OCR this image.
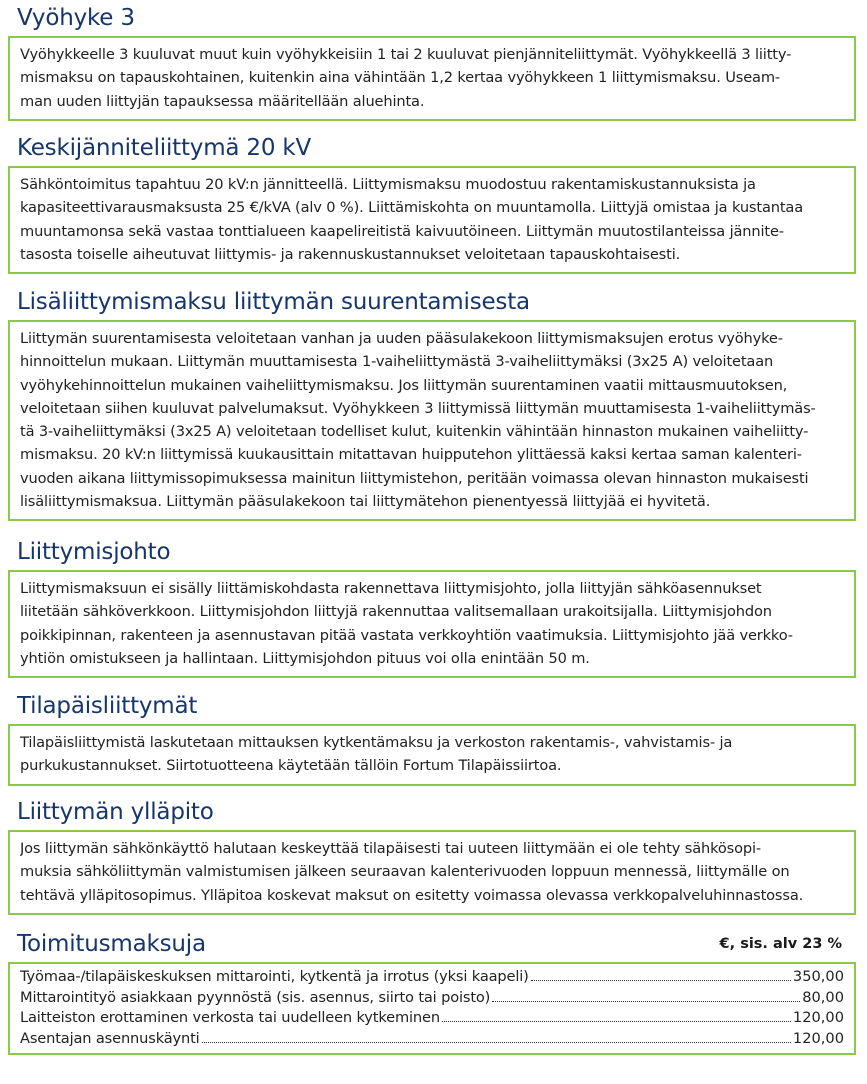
Vyöhyke 3
Vyöhykkeelle 3 kuuluvat muut kuin vyöhykkeisiin 1 tai 2 kuuluvat pienjänniteliittymät. Vyöhykkeellä 3 liitty-
mismaksu on tapauskohtainen, kuitenkin aina vähintään 1,2 kertaa vyöhykkeen 1 liittymismaksu. Useam-
man uuden liittyjän tapauksessa määritellään aluehinta.
Keskijänniteliittymä 20 kV
Sähköntoimitus tapahtuu 20 kV:n jännitteellä. Liittymismaksu muodostuu rakentamiskustannuksista ja
kapasiteettivarausmaksusta 25 €/kVA (alv 0 %). Liittämiskohta on muuntamolla. Liittyjä omistaa ja kustantaa
muuntamonsa sekä vastaa tonttialueen kaapelireitistä kaivuutöineen. Liittymän muutostilanteissa jännite-
tasosta toiselle aiheutuvat liittymis- ja rakennuskustannukset veloitetaan tapauskohtaisesti.
Lisäliittymismaksu liittymän suurentamisesta
Liittymän suurentamisesta veloitetaan vanhan ja uuden pääsulakekoon liittymismaksujen erotus vyöhyke-
hinnoittelun mukaan. Liittymän muuttamisesta 1-vaiheliittymästä 3-vaiheliittymäksi (3x25 A) veloitetaan
vyöhykehinnoittelun mukainen vaiheliittymismaksu. Jos liittymän suurentaminen vaatii mittausmuutoksen,
veloitetaan siihen kuuluvat palvelumaksut. Vyöhykkeen 3 liittymissä liittymän muuttamisesta 1-vaiheliittymäs-
tä 3-vaiheliittymäksi (3x25 A) veloitetaan todelliset kulut, kuitenkin vähintään hinnaston mukainen vaiheliitty-
mismaksu. 20 kV:n liittymissä kuukausittain mitattavan huipputehon ylittäessä kaksi kertaa saman kalenteri-
vuoden aikana liittymissopimuksessa mainitun liittymistehon, peritään voimassa olevan hinnaston mukaisesti
lisäliittymismaksua. Liittymän pääsulakekoon tai liittymätehon pienentyessä liittyjää ei hyvitetä.
Liittymisjohto
Liittymismaksuun ei sisälly liittämiskohdasta rakennettava liittymisjohto, jolla liittyjän sähköasennukset
liitetään sähköverkkoon. Liittymisjohdon liittyjä rakennuttaa valitsemallaan urakoitsijalla. Liittymisjohdon
poikkipinnan, rakenteen ja asennustavan pitää vastata verkkoyhtiön vaatimuksia. Liittymisjohto jää verkko-
yhtiön omistukseen ja hallintaan. Liittymisjohdon pituus voi olla enintään 50 m.
Tilapäisliittymät
Tilapäisliittymistä laskutetaan mittauksen kytkentämaksu ja verkoston rakentamis-, vahvistamis- ja
purkukustannukset. Siirtotuotteena käytetään tällöin Fortum Tilapäissiirtoa.
Liittymän ylläpito
Jos liittymän sähkönkäyttö halutaan keskeyttää tilapäisesti tai uuteen liittymään ei ole tehty sähkösopi-
muksia sähköliittymän valmistumisen jälkeen seuraavan kalenterivuoden loppuun mennessä, liittymälle on
tehtävä ylläpitosopimus. Ylläpitoa koskevat maksut on esitetty voimassa olevassa verkkopalveluhinnastossa.
Toimitusmaksuja	€, sis. alv 23 %
Työmaa-/tilapäiskeskuksen mittarointi, kytkentä ja irrotus (yksi kaapeli)	350,00
Mittarointityö asiakkaan pyynnöstä (sis. asennus, siirto tai poisto)	80,00
Laitteiston erottaminen verkosta tai uudelleen kytkeminen	120,00
Asentajan asennuskäynti	120,00
